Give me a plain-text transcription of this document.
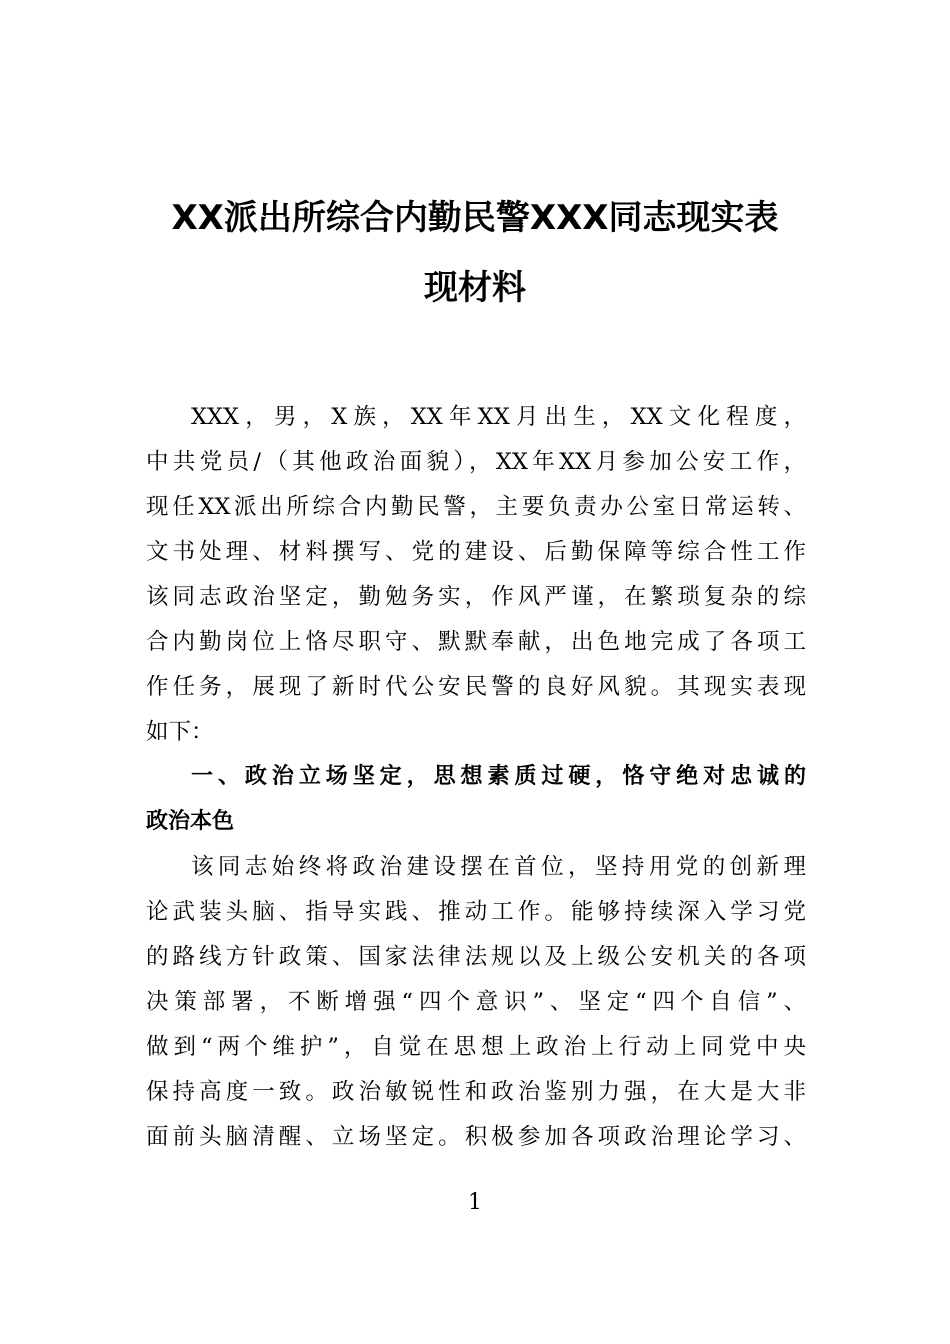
XX派出所综合内勤民警XXX同志现实表
现材料
XXX，男，X族，XX年XX月出生，XX文化程度，
中共党员/（其他政治面貌），XX年XX月参加公安工作，
现任XX派出所综合内勤民警，主要负责办公室日常运转、
文书处理、材料撰写、党的建设、后勤保障等综合性工作
该同志政治坚定，勤勉务实，作风严谨，在繁琐复杂的综
合内勤岗位上恪尽职守、默默奉献，出色地完成了各项工
作任务，展现了新时代公安民警的良好风貌。其现实表现
如下：
一、政治立场坚定，思想素质过硬，恪守绝对忠诚的
政治本色
该同志始终将政治建设摆在首位，坚持用党的创新理
论武装头脑、指导实践、推动工作。能够持续深入学习党
的路线方针政策、国家法律法规以及上级公安机关的各项
决策部署，不断增强“四个意识”、坚定“四个自信”、
做到“两个维护”，自觉在思想上政治上行动上同党中央
保持高度一致。政治敏锐性和政治鉴别力强，在大是大非
面前头脑清醒、立场坚定。积极参加各项政治理论学习、
1
